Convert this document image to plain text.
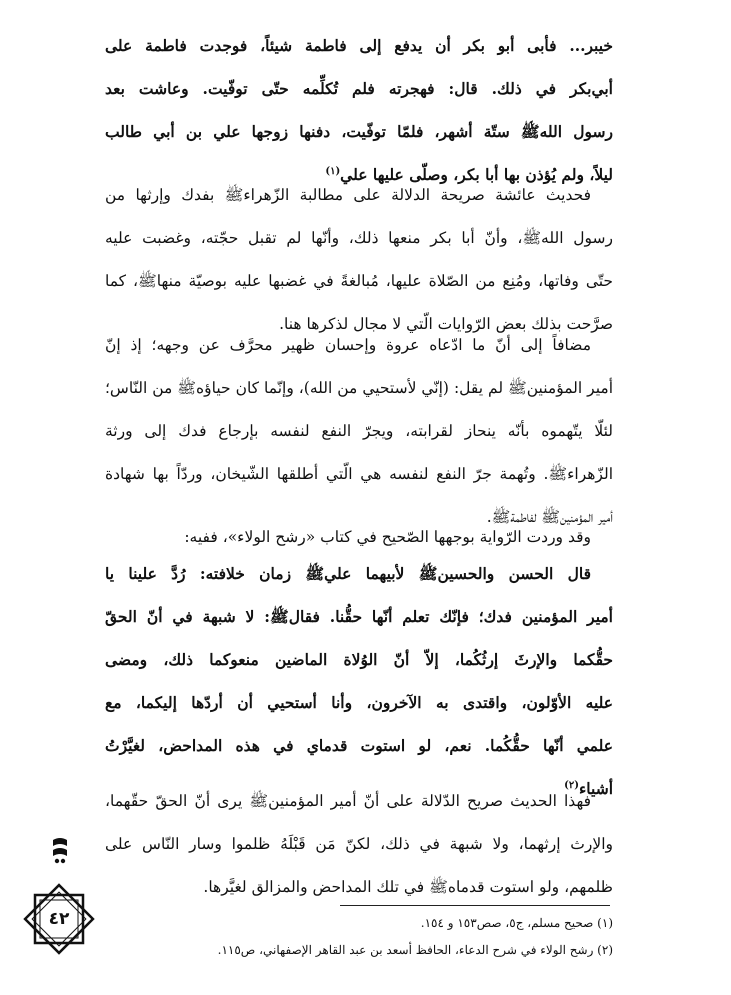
خيبر... فأبى أبو بكر أن يدفع إلى فاطمة شيئاً، فوجدت فاطمة على
أبي‌بكر في ذلك. قال: فهجرته فلم تُكلِّمه حتّى توفّيت. وعاشت بعد
رسول الله‌ﷺ ستّة أشهر، فلمّا توفّيت، دفنها زوجها علي بن أبي طالب
ليلاً، ولم يُؤذن بها أبا بكر، وصلّى عليها علي$^{(١)}$
فحديث عائشة صريحة الدلالة على مطالبة الزّهراء‌ﷺ بفدك وإرثها من
رسول الله‌ﷺ، وأنّ أبا بكر منعها ذلك، وأنّها لم تقبل حجّته، وغضبت عليه
حتّى وفاتها، ومُنِع من الصّلاة عليها، مُبالغةً في غضبها عليه بوصيّة منها‌ﷺ، كما
صرَّحت بذلك بعض الرّوايات الّتي لا مجال لذكرها هنا.
مضافاً إلى أنّ ما ادّعاه عروة وإحسان ظهير محرَّف عن وجهه؛ إذ إنّ
أمير المؤمنين‌ﷺ لم يقل: (إنّي لأستحيي من الله)، وإنّما كان حياؤه‌ﷺ من النّاس؛
لئلّا يتّهموه بأنّه ينحاز لقرابته، ويجرّ النفع لنفسه بإرجاع فدك إلى ورثة
الزّهراء‌ﷺ. وتُهمة جرّ النفع لنفسه هي الّتي أطلقها الشّيخان، وردّاً بها شهادة
أمير المؤمنين‌ﷺ لفاطمة‌ﷺ.
وقد وردت الرّواية بوجهها الصّحيح في كتاب «رشح الولاء»، ففيه:
قال الحسن والحسين‌ﷺ لأبيهما علي‌ﷺ زمان خلافته: رُدَّ علينا يا
أمير المؤمنين فدك؛ فإنّك تعلم أنّها حقُّنا. فقال‌ﷺ: لا شبهة في أنّ الحقّ
حقُّكما والإرثَ إرثُكُما، إلاّ أنّ الوُلاة الماضين منعوكما ذلك، ومضى
عليه الأوّلون، واقتدى به الآخرون، وأنا أستحيي أن أردّها إليكما، مع
علمي أنّها حقُّكُما. نعم، لو استوت قدماي في هذه المداحض، لغيَّرْتُ
أشياء$^{(٢)}$
فهذا الحديث صريح الدّلالة على أنّ أمير المؤمنين‌ﷺ يرى أنّ الحقّ حقّهما،
والإرث إرثهما، ولا شبهة في ذلك، لكنّ مَن قَبْلَهُ ظلموا وسار النّاس على
ظلمهم، ولو استوت قدماه‌ﷺ في تلك المداحض والمزالق لغيَّرها.
٤٢	(١) صحيح مسلم، ج٥، صص١٥٣ و ١٥٤.
(٢) رشح الولاء في شرح الدعاء، الحافظ أسعد بن عبد القاهر الإصفهاني، ص١١٥.
